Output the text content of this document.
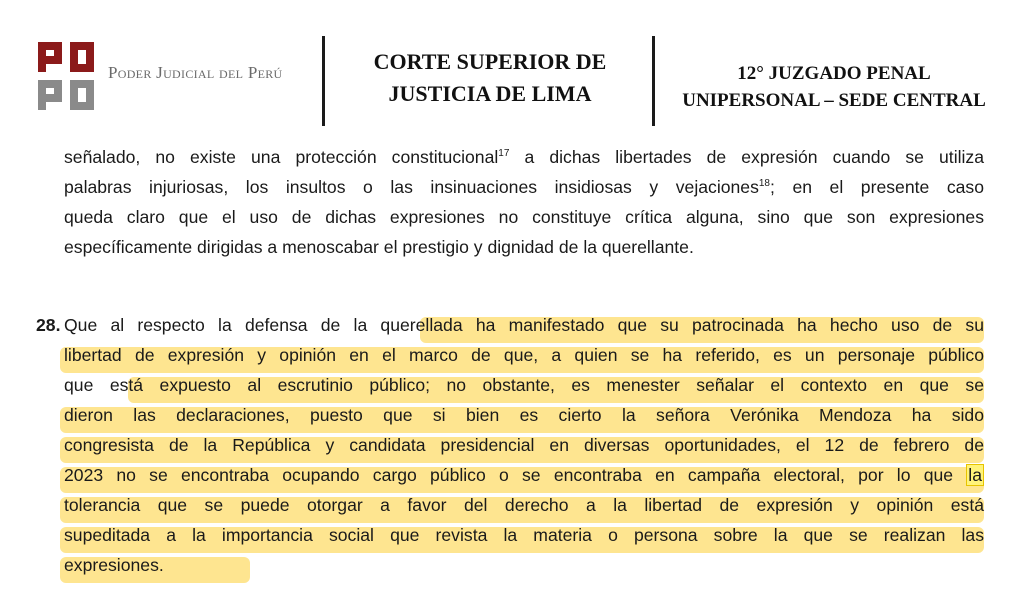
Poder Judicial del Perú	CORTE SUPERIOR DE
JUSTICIA DE LIMA
12° JUZGADO PENAL
UNIPERSONAL – SEDE CENTRAL
señalado, no existe una protección constitucional$^{17}$ a dichas libertades de expresión cuando se utiliza
palabras injuriosas, los insultos o las insinuaciones insidiosas y vejaciones$^{18}$; en el presente caso
queda claro que el uso de dichas expresiones no constituye crítica alguna, sino que son expresiones
específicamente dirigidas a menoscabar el prestigio y dignidad de la querellante.
28. Que al respecto la defensa de la querellada ha manifestado que su patrocinada ha hecho uso de su
libertad de expresión y opinión en el marco de que, a quien se ha referido, es un personaje público
que está expuesto al escrutinio público; no obstante, es menester señalar el contexto en que se
dieron las declaraciones, puesto que si bien es cierto la señora Verónika Mendoza ha sido
congresista de la República y candidata presidencial en diversas oportunidades, el 12 de febrero de
2023 no se encontraba ocupando cargo público o se encontraba en campaña electoral, por lo que la
tolerancia que se puede otorgar a favor del derecho a la libertad de expresión y opinión está
supeditada a la importancia social que revista la materia o persona sobre la que se realizan las
expresiones.
